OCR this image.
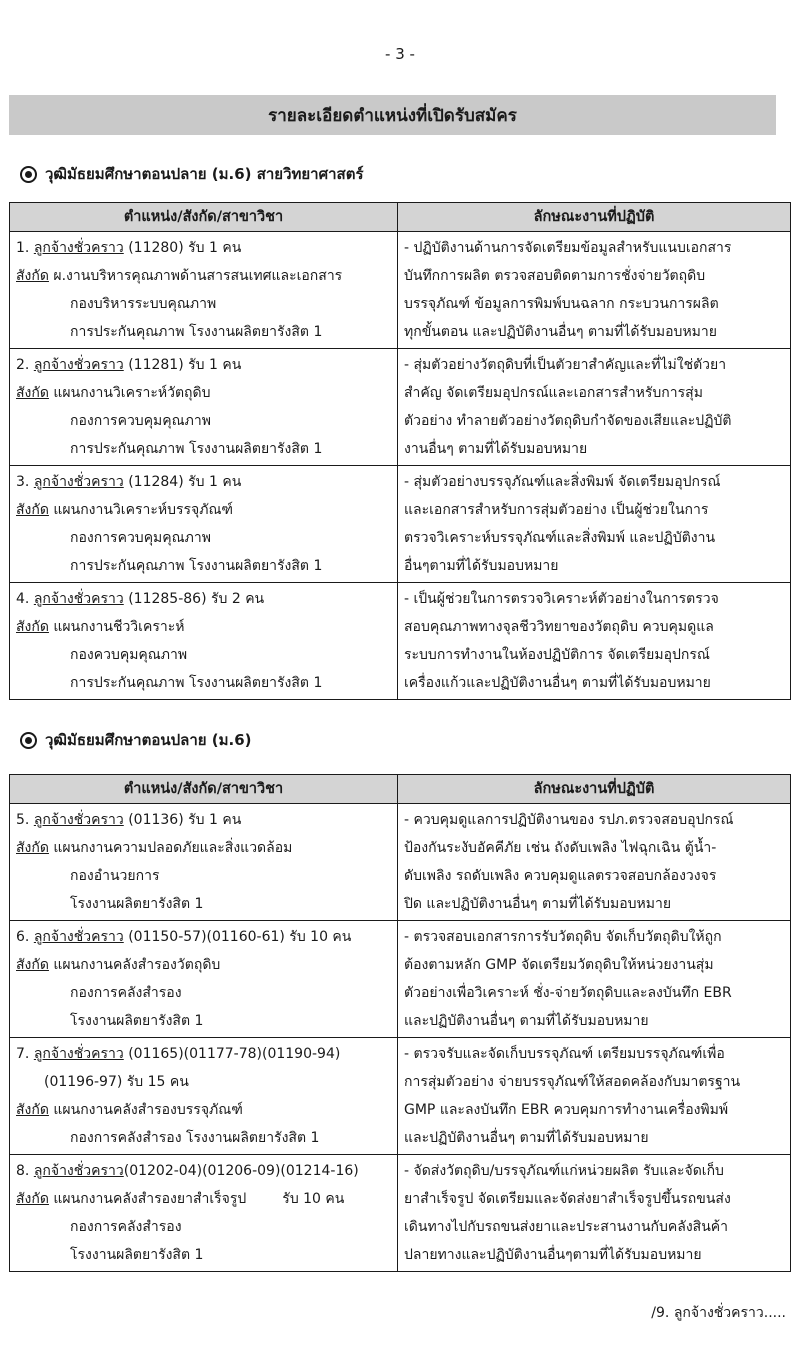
- 3 -
รายละเอียดตำแหน่งที่เปิดรับสมัคร
วุฒิมัธยมศึกษาตอนปลาย (ม.6) สายวิทยาศาสตร์
ตำแหน่ง/สังกัด/สาขาวิชา	ลักษณะงานที่ปฏิบัติ

1. ลูกจ้างชั่วคราว (11280) รับ 1 คน
สังกัด ผ.งานบริหารคุณภาพด้านสารสนเทศและเอกสาร
กองบริหารระบบคุณภาพ
การประกันคุณภาพ โรงงานผลิตยารังสิต 1	- ปฏิบัติงานด้านการจัดเตรียมข้อมูลสำหรับแนบเอกสาร
บันทึกการผลิต ตรวจสอบติดตามการชั่งจ่ายวัตถุดิบ
บรรจุภัณฑ์ ข้อมูลการพิมพ์บนฉลาก กระบวนการผลิต
ทุกขั้นตอน และปฏิบัติงานอื่นๆ ตามที่ได้รับมอบหมาย

2. ลูกจ้างชั่วคราว (11281) รับ 1 คน
สังกัด แผนกงานวิเคราะห์วัตถุดิบ
กองการควบคุมคุณภาพ
การประกันคุณภาพ โรงงานผลิตยารังสิต 1	- สุ่มตัวอย่างวัตถุดิบที่เป็นตัวยาสำคัญและที่ไม่ใช่ตัวยา
สำคัญ จัดเตรียมอุปกรณ์และเอกสารสำหรับการสุ่ม
ตัวอย่าง ทำลายตัวอย่างวัตถุดิบกำจัดของเสียและปฏิบัติ
งานอื่นๆ ตามที่ได้รับมอบหมาย

3. ลูกจ้างชั่วคราว (11284) รับ 1 คน
สังกัด แผนกงานวิเคราะห์บรรจุภัณฑ์
กองการควบคุมคุณภาพ
การประกันคุณภาพ โรงงานผลิตยารังสิต 1	- สุ่มตัวอย่างบรรจุภัณฑ์และสิ่งพิมพ์ จัดเตรียมอุปกรณ์
และเอกสารสำหรับการสุ่มตัวอย่าง เป็นผู้ช่วยในการ
ตรวจวิเคราะห์บรรจุภัณฑ์และสิ่งพิมพ์ และปฏิบัติงาน
อื่นๆตามที่ได้รับมอบหมาย

4. ลูกจ้างชั่วคราว (11285-86) รับ 2 คน
สังกัด แผนกงานชีววิเคราะห์
กองควบคุมคุณภาพ
การประกันคุณภาพ โรงงานผลิตยารังสิต 1	- เป็นผู้ช่วยในการตรวจวิเคราะห์ตัวอย่างในการตรวจ
สอบคุณภาพทางจุลชีววิทยาของวัตถุดิบ ควบคุมดูแล
ระบบการทำงานในห้องปฏิบัติการ จัดเตรียมอุปกรณ์
เครื่องแก้วและปฏิบัติงานอื่นๆ ตามที่ได้รับมอบหมาย
วุฒิมัธยมศึกษาตอนปลาย (ม.6)
ตำแหน่ง/สังกัด/สาขาวิชา	ลักษณะงานที่ปฏิบัติ

5. ลูกจ้างชั่วคราว (01136) รับ 1 คน
สังกัด แผนกงานความปลอดภัยและสิ่งแวดล้อม
กองอำนวยการ
โรงงานผลิตยารังสิต 1	- ควบคุมดูแลการปฏิบัติงานของ รปภ.ตรวจสอบอุปกรณ์
ป้องกันระงับอัคคีภัย เช่น ถังดับเพลิง ไฟฉุกเฉิน ตู้น้ำ-
ดับเพลิง รถดับเพลิง ควบคุมดูแลตรวจสอบกล้องวงจร
ปิด และปฏิบัติงานอื่นๆ ตามที่ได้รับมอบหมาย

6. ลูกจ้างชั่วคราว (01150-57)(01160-61) รับ 10 คน
สังกัด แผนกงานคลังสำรองวัตถุดิบ
กองการคลังสำรอง
โรงงานผลิตยารังสิต 1	- ตรวจสอบเอกสารการรับวัตถุดิบ จัดเก็บวัตถุดิบให้ถูก
ต้องตามหลัก GMP จัดเตรียมวัตถุดิบให้หน่วยงานสุ่ม
ตัวอย่างเพื่อวิเคราะห์ ชั่ง-จ่ายวัตถุดิบและลงบันทึก EBR
และปฏิบัติงานอื่นๆ ตามที่ได้รับมอบหมาย

7. ลูกจ้างชั่วคราว (01165)(01177-78)(01190-94)
(01196-97) รับ 15 คน
สังกัด แผนกงานคลังสำรองบรรจุภัณฑ์
กองการคลังสำรอง โรงงานผลิตยารังสิต 1	- ตรวจรับและจัดเก็บบรรจุภัณฑ์ เตรียมบรรจุภัณฑ์เพื่อ
การสุ่มตัวอย่าง จ่ายบรรจุภัณฑ์ให้สอดคล้องกับมาตรฐาน
GMP และลงบันทึก EBR ควบคุมการทำงานเครื่องพิมพ์
และปฏิบัติงานอื่นๆ ตามที่ได้รับมอบหมาย

8. ลูกจ้างชั่วคราว(01202-04)(01206-09)(01214-16)
สังกัด แผนกงานคลังสำรองยาสำเร็จรูป รับ 10 คน
กองการคลังสำรอง
โรงงานผลิตยารังสิต 1	- จัดส่งวัตถุดิบ/บรรจุภัณฑ์แก่หน่วยผลิต รับและจัดเก็บ
ยาสำเร็จรูป จัดเตรียมและจัดส่งยาสำเร็จรูปขึ้นรถขนส่ง
เดินทางไปกับรถขนส่งยาและประสานงานกับคลังสินค้า
ปลายทางและปฏิบัติงานอื่นๆตามที่ได้รับมอบหมาย
/9. ลูกจ้างชั่วคราว.....
